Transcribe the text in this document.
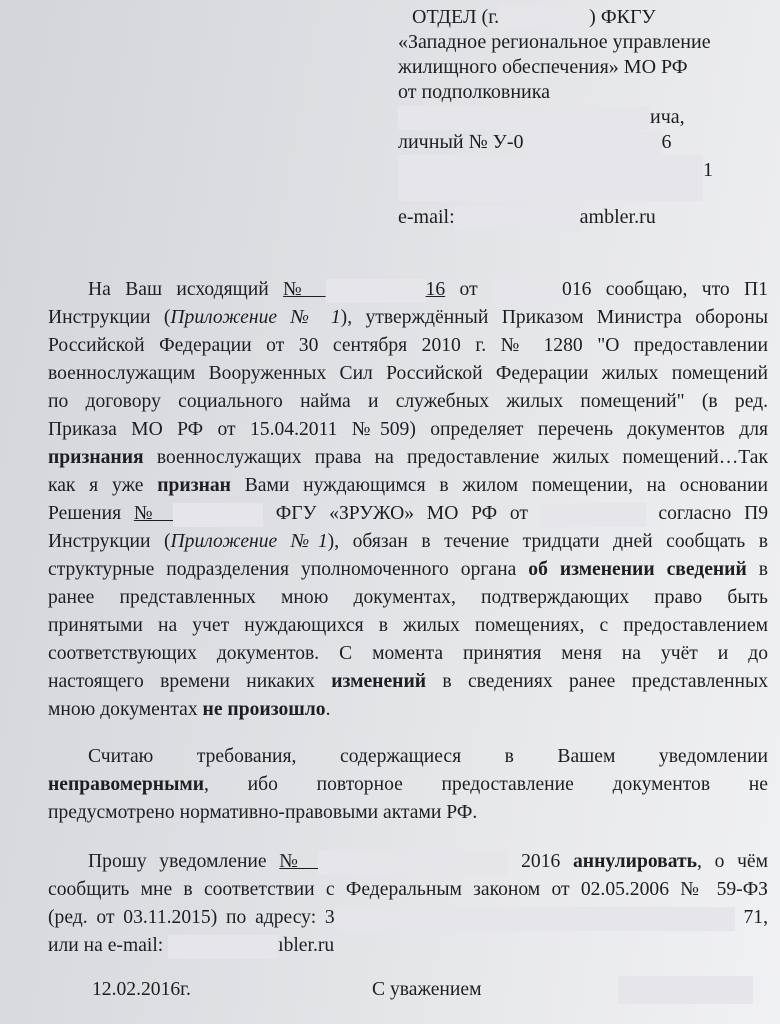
ОТДЕЛ (г.	) ФКГУ
«Западное региональное управление
жилищного обеспечения» МО РФ
от подполковника
ича,
личный № У-0	6
1
e-mail:	ambler.ru
На Ваш исходящий №	16 от	016 сообщаю, что П1
Инструкции (Приложение № 1), утверждённый Приказом Министра обороны
Российской Федерации от 30 сентября 2010 г. № 1280 "О предоставлении
военнослужащим Вооруженных Сил Российской Федерации жилых помещений
по договору социального найма и служебных жилых помещений" (в ред.
Приказа МО РФ от 15.04.2011 №509) определяет перечень документов для
признания военнослужащих права на предоставление жилых помещений…Так
как я уже признан Вами нуждающимся в жилом помещении, на основании
Решения №	ФГУ «ЗРУЖО» МО РФ от	согласно П9
Инструкции (Приложение №1), обязан в течение тридцати дней сообщать в
структурные подразделения уполномоченного органа об изменении сведений в
ранее представленных мною документах, подтверждающих право быть
принятыми на учет нуждающихся в жилых помещениях, с предоставлением
соответствующих документов. С момента принятия меня на учёт и до
настоящего времени никаких изменений в сведениях ранее представленных
мною документах не произошло.
Считаю требования, содержащиеся в Вашем уведомлении
неправомерными, ибо повторное предоставление документов не
предусмотрено нормативно-правовыми актами РФ.
Прошу уведомление №	2016 аннулировать, о чём
сообщить мне в соответствии с Федеральным законом от 02.05.2006 № 59-ФЗ
(ред. от 03.11.2015) по адресу: 3	71,
или на e-mail:	ıbler.ru
12.02.2016г.	С уважением
